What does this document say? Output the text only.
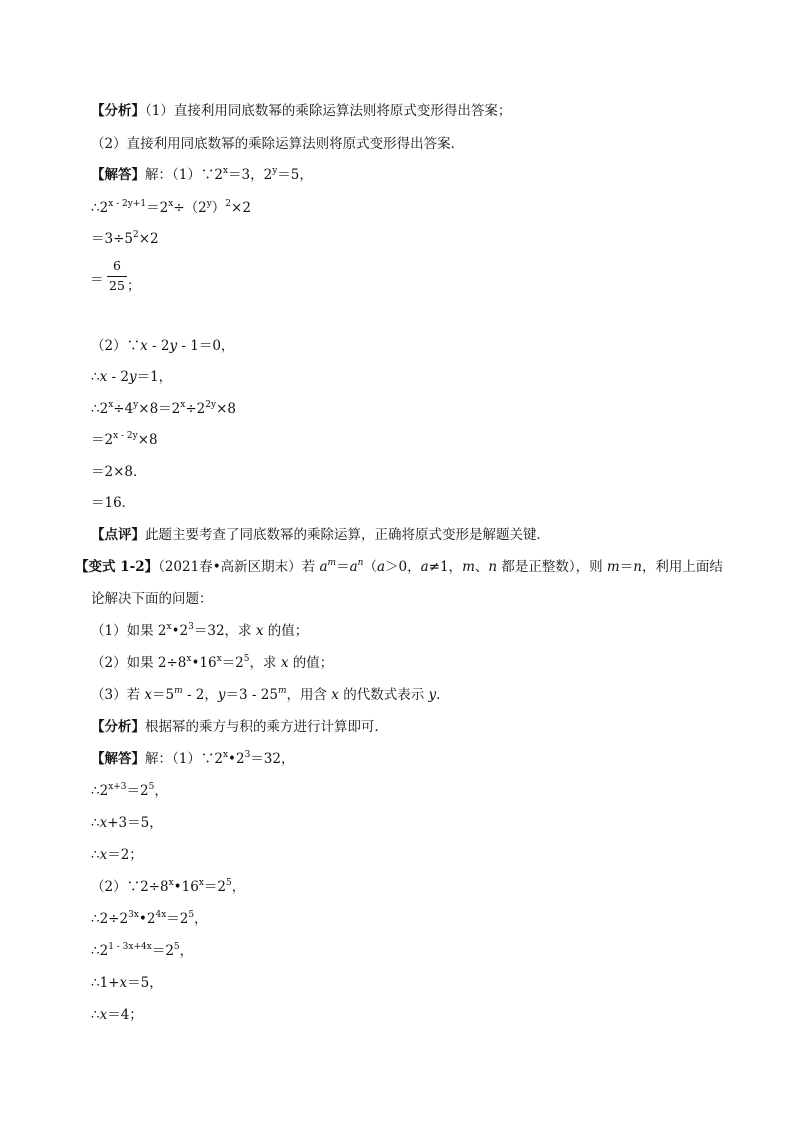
【分析】（1）直接利用同底数幂的乘除运算法则将原式变形得出答案；
（2）直接利用同底数幂的乘除运算法则将原式变形得出答案．
【解答】解：$(1)\because 2^x=3$，$2^y=5$，
$\therefore 2^{x - 2y+1}=2^x\div(2^y)^2\times 2$
$=3\div 5^2\times 2$
＝
6
25 ；
（2）∵x - 2y - 1＝0，
∴x - 2y＝1，
$\therefore 2^x\div 4^y\times 8=2^x\div 2^{2y}\times 8$
$=2^{x - 2y}\times 8$
＝2×8．
＝16．
【点评】此题主要考查了同底数幂的乘除运算，正确将原式变形是解题关键．
【变式 1-2】（2021春•高新区期末）若 $a^m=a^n(a>0$，a≠1，m、n 都是正整数），则 m＝n，利用上面结
论解决下面的问题：
（1）如果 $2^x•2^3=32$，求 x 的值；
（2）如果 $2\div 8^x•16^x=2^5$，求 x 的值；
（3）若 $x=5^m - 2$，y＝3 - 25$^m$，用含 x 的代数式表示 y．
【分析】根据幂的乘方与积的乘方进行计算即可．
【解答】解：$(1)\because 2^x•2^3=32$，
$\therefore 2^{x+3}=2^5$，
∴x+3＝5，
∴x＝2；
$(2)\because 2\div 8^x•16^x=2^5$，
$\therefore 2\div 2^{3x}•2^{4x}=2^5$，
$\therefore 2^{1 - 3x+4x}=2^5$，
∴1+x＝5，
∴x＝4；
